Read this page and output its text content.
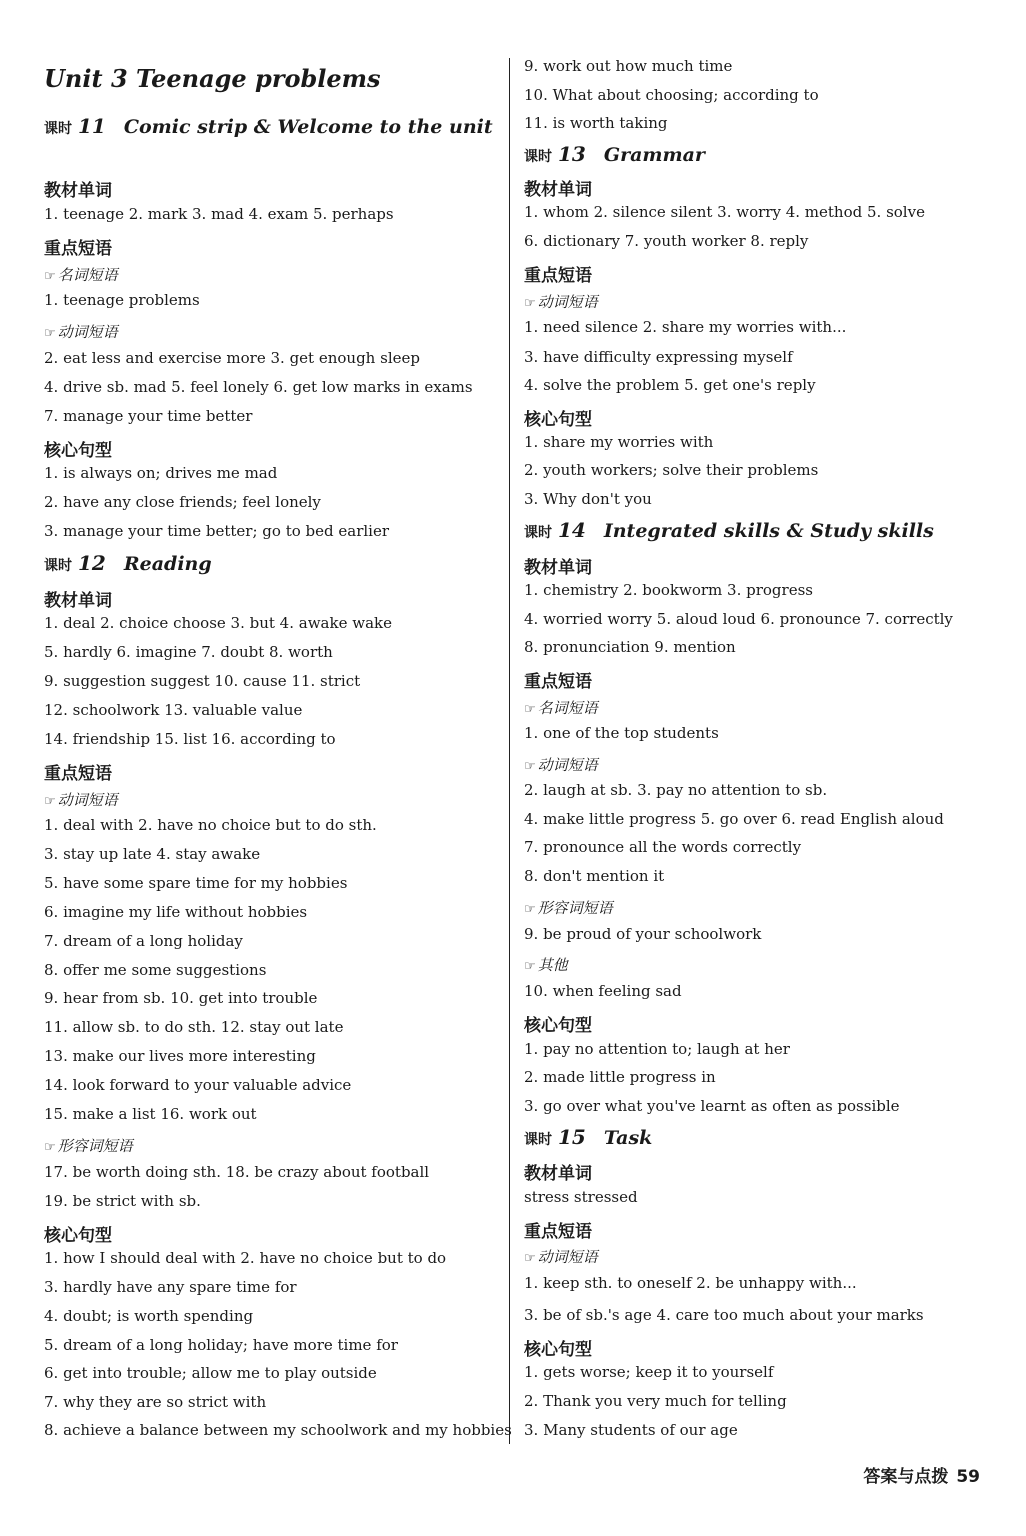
Unit 3 Teenage problems
课时 11 Comic strip & Welcome to the unit
教材单词
1. teenage 2. mark 3. mad 4. exam 5. perhaps
重点短语
☞ 名词短语
1. teenage problems
☞ 动词短语
2. eat less and exercise more 3. get enough sleep
4. drive sb. mad 5. feel lonely 6. get low marks in exams
7. manage your time better
核心句型
1. is always on; drives me mad
2. have any close friends; feel lonely
3. manage your time better; go to bed earlier
课时 12 Reading
教材单词
1. deal 2. choice choose 3. but 4. awake wake
5. hardly 6. imagine 7. doubt 8. worth
9. suggestion suggest 10. cause 11. strict
12. schoolwork 13. valuable value
14. friendship 15. list 16. according to
重点短语
☞ 动词短语
1. deal with 2. have no choice but to do sth.
3. stay up late 4. stay awake
5. have some spare time for my hobbies
6. imagine my life without hobbies
7. dream of a long holiday
8. offer me some suggestions
9. hear from sb. 10. get into trouble
11. allow sb. to do sth. 12. stay out late
13. make our lives more interesting
14. look forward to your valuable advice
15. make a list 16. work out
☞ 形容词短语
17. be worth doing sth. 18. be crazy about football
19. be strict with sb.
核心句型
1. how I should deal with 2. have no choice but to do
3. hardly have any spare time for
4. doubt; is worth spending
5. dream of a long holiday; have more time for
6. get into trouble; allow me to play outside
7. why they are so strict with
8. achieve a balance between my schoolwork and my hobbies
9. work out how much time
10. What about choosing; according to
11. is worth taking
课时 13 Grammar
教材单词
1. whom 2. silence silent 3. worry 4. method 5. solve
6. dictionary 7. youth worker 8. reply
重点短语
☞ 动词短语
1. need silence 2. share my worries with...
3. have difficulty expressing myself
4. solve the problem 5. get one's reply
核心句型
1. share my worries with
2. youth workers; solve their problems
3. Why don't you
课时 14 Integrated skills & Study skills
教材单词
1. chemistry 2. bookworm 3. progress
4. worried worry 5. aloud loud 6. pronounce 7. correctly
8. pronunciation 9. mention
重点短语
☞ 名词短语
1. one of the top students
☞ 动词短语
2. laugh at sb. 3. pay no attention to sb.
4. make little progress 5. go over 6. read English aloud
7. pronounce all the words correctly
8. don't mention it
☞ 形容词短语
9. be proud of your schoolwork
☞ 其他
10. when feeling sad
核心句型
1. pay no attention to; laugh at her
2. made little progress in
3. go over what you've learnt as often as possible
课时 15 Task
教材单词
stress stressed
重点短语
☞ 动词短语
1. keep sth. to oneself 2. be unhappy with...
3. be of sb.'s age 4. care too much about your marks
核心句型
1. gets worse; keep it to yourself
2. Thank you very much for telling
3. Many students of our age
答案与点拨 59
